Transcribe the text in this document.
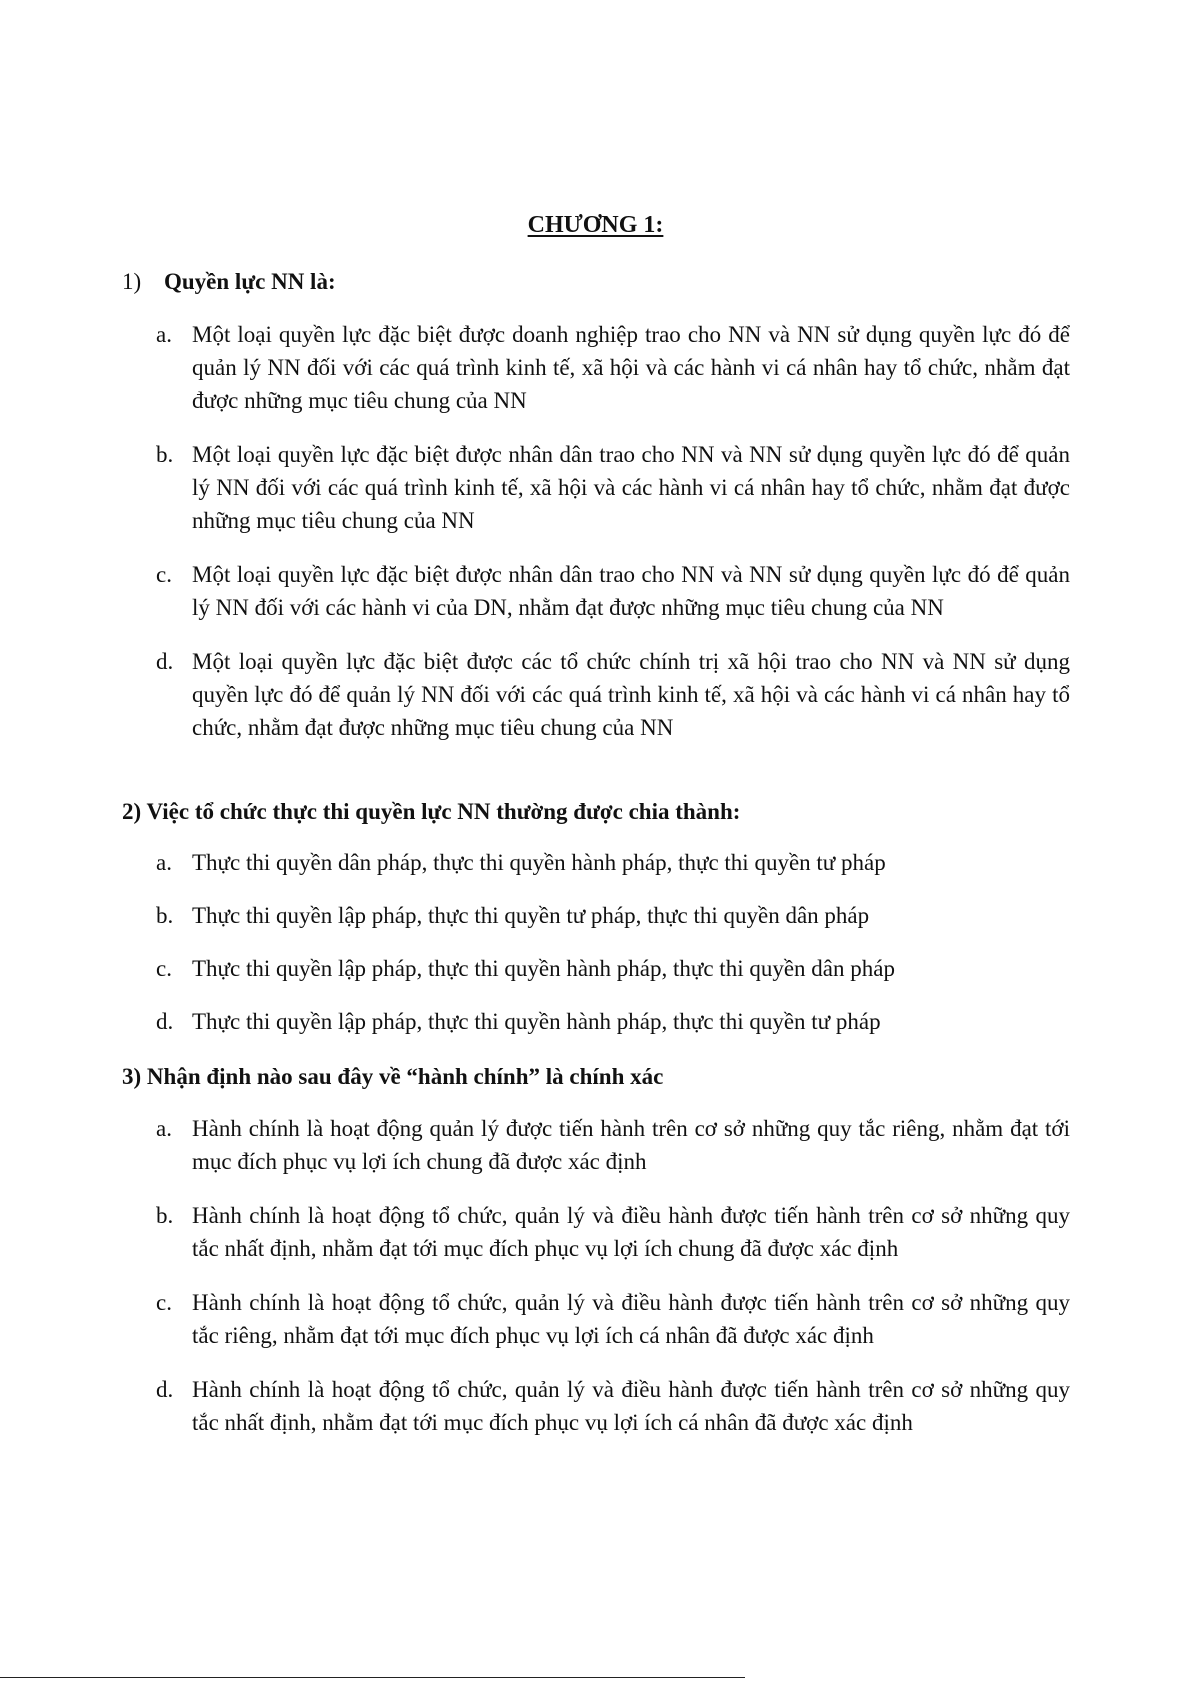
CHƯƠNG 1:
1) Quyền lực NN là:
a. Một loại quyền lực đặc biệt được doanh nghiệp trao cho NN và NN sử dụng quyền lực đó để quản lý NN đối với các quá trình kinh tế, xã hội và các hành vi cá nhân hay tổ chức, nhằm đạt được những mục tiêu chung của NN
b. Một loại quyền lực đặc biệt được nhân dân trao cho NN và NN sử dụng quyền lực đó để quản lý NN đối với các quá trình kinh tế, xã hội và các hành vi cá nhân hay tổ chức, nhằm đạt được những mục tiêu chung của NN
c. Một loại quyền lực đặc biệt được nhân dân trao cho NN và NN sử dụng quyền lực đó để quản lý NN đối với các hành vi của DN, nhằm đạt được những mục tiêu chung của NN
d. Một loại quyền lực đặc biệt được các tổ chức chính trị xã hội trao cho NN và NN sử dụng quyền lực đó để quản lý NN đối với các quá trình kinh tế, xã hội và các hành vi cá nhân hay tổ chức, nhằm đạt được những mục tiêu chung của NN
2) Việc tổ chức thực thi quyền lực NN thường được chia thành:
a. Thực thi quyền dân pháp, thực thi quyền hành pháp, thực thi quyền tư pháp
b. Thực thi quyền lập pháp, thực thi quyền tư pháp, thực thi quyền dân pháp
c. Thực thi quyền lập pháp, thực thi quyền hành pháp, thực thi quyền dân pháp
d. Thực thi quyền lập pháp, thực thi quyền hành pháp, thực thi quyền tư pháp
3) Nhận định nào sau đây về “hành chính” là chính xác
a. Hành chính là hoạt động quản lý được tiến hành trên cơ sở những quy tắc riêng, nhằm đạt tới mục đích phục vụ lợi ích chung đã được xác định
b. Hành chính là hoạt động tổ chức, quản lý và điều hành được tiến hành trên cơ sở những quy tắc nhất định, nhằm đạt tới mục đích phục vụ lợi ích chung đã được xác định
c. Hành chính là hoạt động tổ chức, quản lý và điều hành được tiến hành trên cơ sở những quy tắc riêng, nhằm đạt tới mục đích phục vụ lợi ích cá nhân đã được xác định
d. Hành chính là hoạt động tổ chức, quản lý và điều hành được tiến hành trên cơ sở những quy tắc nhất định, nhằm đạt tới mục đích phục vụ lợi ích cá nhân đã được xác định
